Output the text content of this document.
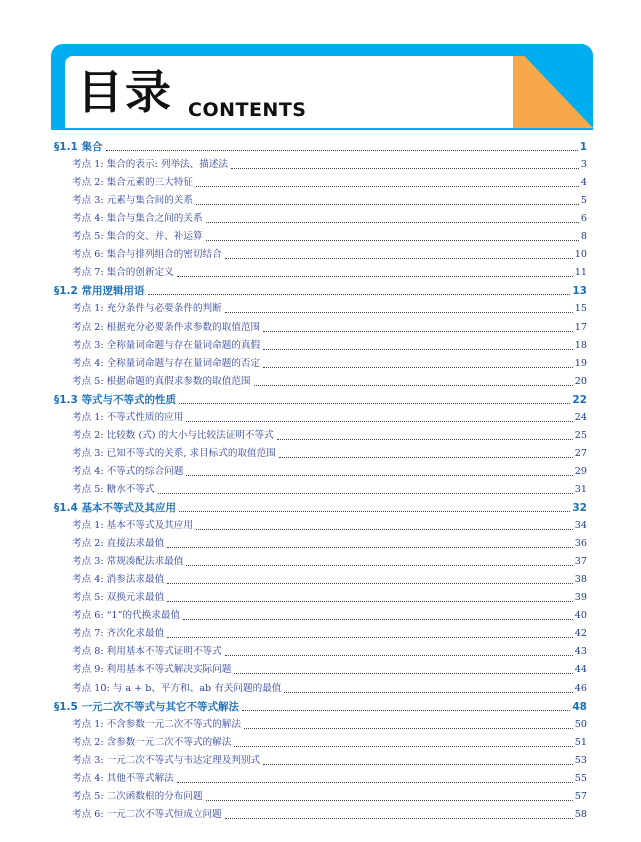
目录 CONTENTS
§1.1 集合	1
考点 1: 集合的表示: 列举法、描述法	3
考点 2: 集合元素的三大特征	4
考点 3: 元素与集合间的关系	5
考点 4: 集合与集合之间的关系	6
考点 5: 集合的交、并、补运算	8
考点 6: 集合与排列组合的密切结合	10
考点 7: 集合的创新定义	11
§1.2 常用逻辑用语	13
考点 1: 充分条件与必要条件的判断	15
考点 2: 根据充分必要条件求参数的取值范围	17
考点 3: 全称量词命题与存在量词命题的真假	18
考点 4: 全称量词命题与存在量词命题的否定	19
考点 5: 根据命题的真假求参数的取值范围	20
§1.3 等式与不等式的性质	22
考点 1: 不等式性质的应用	24
考点 2: 比较数 (式) 的大小与比较法证明不等式	25
考点 3: 已知不等式的关系, 求目标式的取值范围	27
考点 4: 不等式的综合问题	29
考点 5: 糖水不等式	31
§1.4 基本不等式及其应用	32
考点 1: 基本不等式及其应用	34
考点 2: 直接法求最值	36
考点 3: 常规凑配法求最值	37
考点 4: 消参法求最值	38
考点 5: 双换元求最值	39
考点 6: “1”的代换求最值	40
考点 7: 齐次化求最值	42
考点 8: 利用基本不等式证明不等式	43
考点 9: 利用基本不等式解决实际问题	44
考点 10: 与 a + b、平方和、ab 有关问题的最值	46
§1.5 一元二次不等式与其它不等式解法	48
考点 1: 不含参数一元二次不等式的解法	50
考点 2: 含参数一元二次不等式的解法	51
考点 3: 一元二次不等式与韦达定理及判别式	53
考点 4: 其他不等式解法	55
考点 5: 二次函数根的分布问题	57
考点 6: 一元二次不等式恒成立问题	58
